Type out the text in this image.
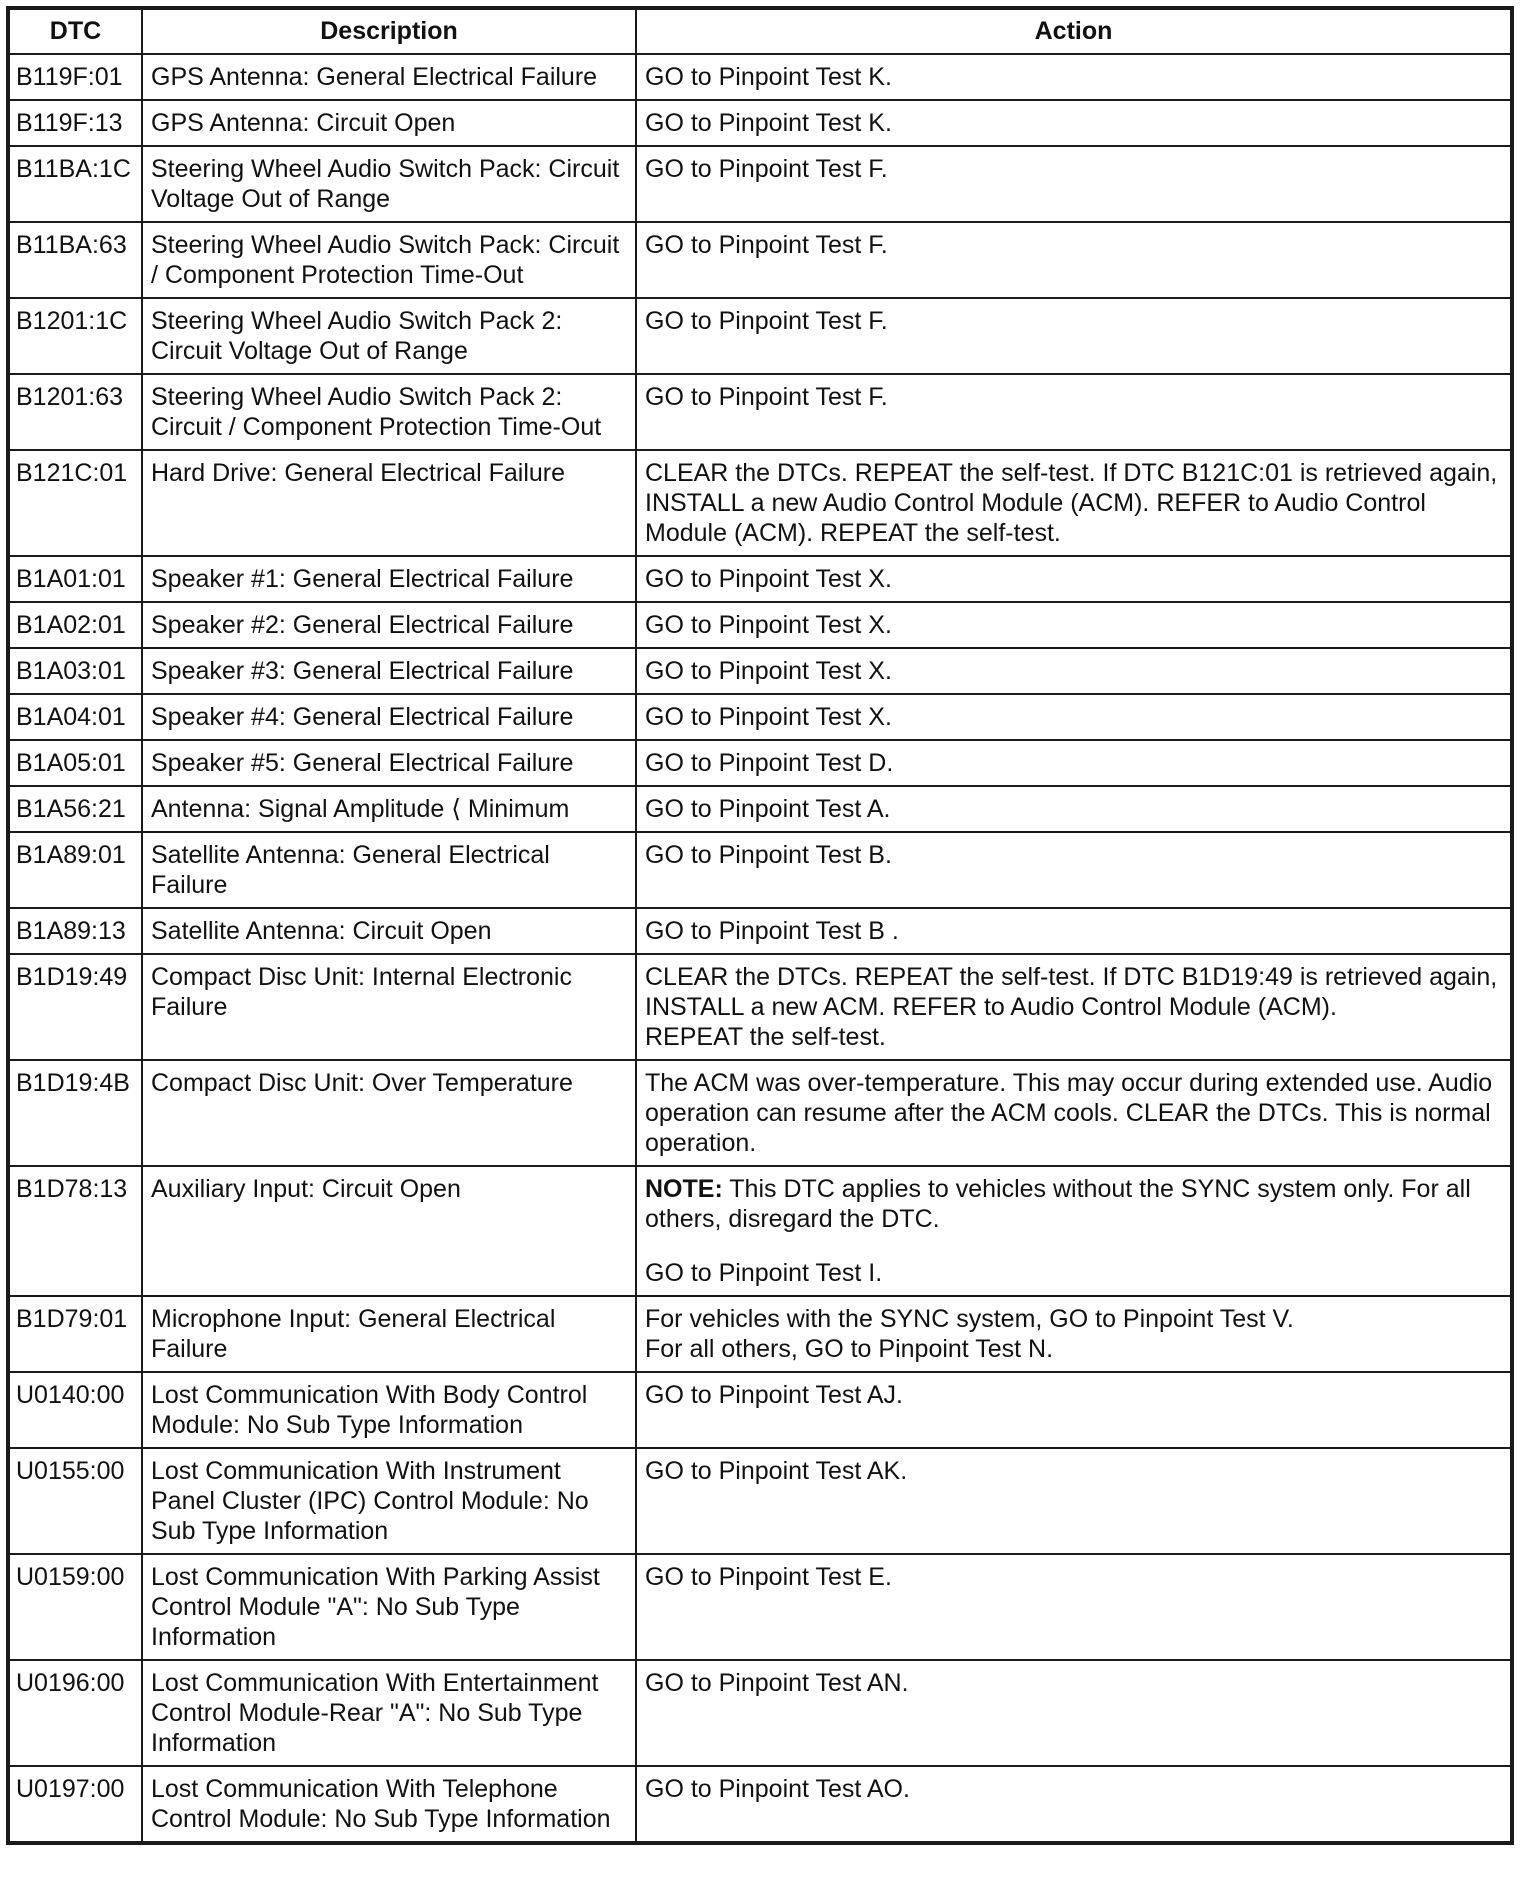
DTC	Description	Action
B119F:01	GPS Antenna: General Electrical Failure	GO to Pinpoint Test K.
B119F:13	GPS Antenna: Circuit Open	GO to Pinpoint Test K.
B11BA:1C	Steering Wheel Audio Switch Pack: Circuit
Voltage Out of Range	GO to Pinpoint Test F.
B11BA:63	Steering Wheel Audio Switch Pack: Circuit
/ Component Protection Time-Out	GO to Pinpoint Test F.
B1201:1C	Steering Wheel Audio Switch Pack 2:
Circuit Voltage Out of Range	GO to Pinpoint Test F.
B1201:63	Steering Wheel Audio Switch Pack 2:
Circuit / Component Protection Time-Out	GO to Pinpoint Test F.
B121C:01	Hard Drive: General Electrical Failure	CLEAR the DTCs. REPEAT the self-test. If DTC B121C:01 is retrieved again,
INSTALL a new Audio Control Module (ACM). REFER to Audio Control
Module (ACM). REPEAT the self-test.
B1A01:01	Speaker #1: General Electrical Failure	GO to Pinpoint Test X.
B1A02:01	Speaker #2: General Electrical Failure	GO to Pinpoint Test X.
B1A03:01	Speaker #3: General Electrical Failure	GO to Pinpoint Test X.
B1A04:01	Speaker #4: General Electrical Failure	GO to Pinpoint Test X.
B1A05:01	Speaker #5: General Electrical Failure	GO to Pinpoint Test D.
B1A56:21	Antenna: Signal Amplitude ⟨ Minimum	GO to Pinpoint Test A.
B1A89:01	Satellite Antenna: General Electrical
Failure	GO to Pinpoint Test B.
B1A89:13	Satellite Antenna: Circuit Open	GO to Pinpoint Test B .
B1D19:49	Compact Disc Unit: Internal Electronic
Failure	CLEAR the DTCs. REPEAT the self-test. If DTC B1D19:49 is retrieved again,
INSTALL a new ACM. REFER to Audio Control Module (ACM).
REPEAT the self-test.
B1D19:4B	Compact Disc Unit: Over Temperature	The ACM was over-temperature. This may occur during extended use. Audio
operation can resume after the ACM cools. CLEAR the DTCs. This is normal
operation.
B1D78:13	Auxiliary Input: Circuit Open	NOTE: This DTC applies to vehicles without the SYNC system only. For all
others, disregard the DTC.
GO to Pinpoint Test I.
B1D79:01	Microphone Input: General Electrical
Failure	For vehicles with the SYNC system, GO to Pinpoint Test V.
For all others, GO to Pinpoint Test N.
U0140:00	Lost Communication With Body Control
Module: No Sub Type Information	GO to Pinpoint Test AJ.
U0155:00	Lost Communication With Instrument
Panel Cluster (IPC) Control Module: No
Sub Type Information	GO to Pinpoint Test AK.
U0159:00	Lost Communication With Parking Assist
Control Module "A": No Sub Type
Information	GO to Pinpoint Test E.
U0196:00	Lost Communication With Entertainment
Control Module-Rear "A": No Sub Type
Information	GO to Pinpoint Test AN.
U0197:00	Lost Communication With Telephone
Control Module: No Sub Type Information	GO to Pinpoint Test AO.
